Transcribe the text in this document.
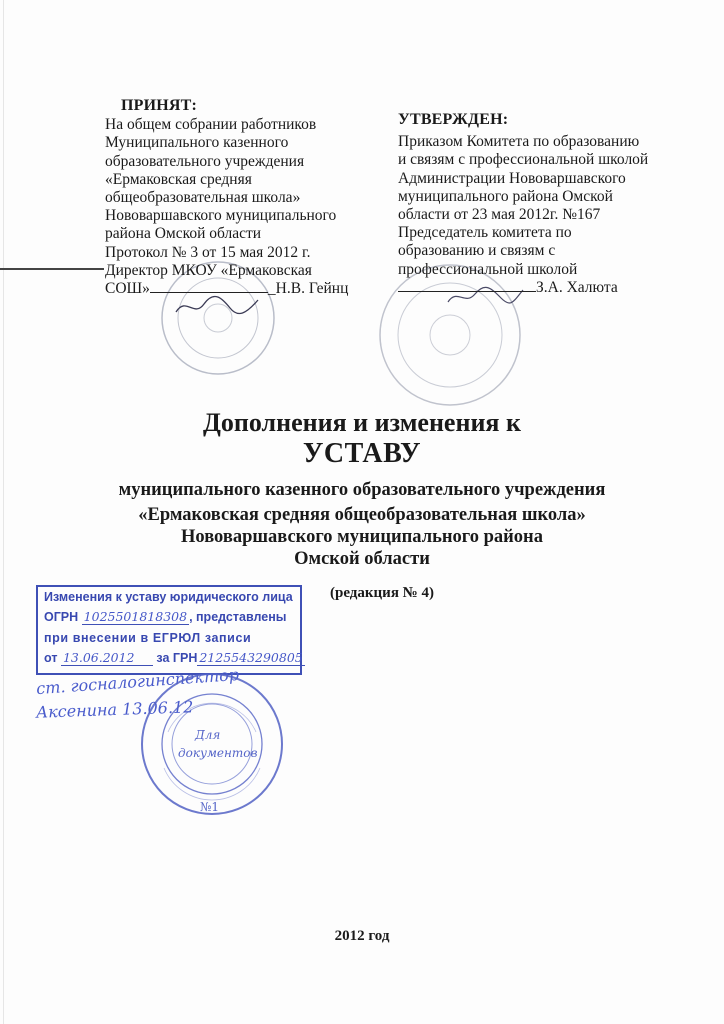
ПРИНЯТ:
На общем собрании работников
Муниципального казенного
образовательного учреждения
«Ермаковская средняя
общеобразовательная школа»
Нововаршавского муниципального
района Омской области
Протокол № 3 от 15 мая 2012 г.
Директор МКОУ «Ермаковская
СОШ»	_Н.В. Гейнц
УТВЕРЖДЕН:
Приказом Комитета по образованию
и связям с профессиональной школой
Администрации Нововаршавского
муниципального района Омской
области от 23 мая 2012г. №167
Председатель комитета по
образованию и связям с
профессиональной школой
З.А. Халюта
Дополнения и изменения к
УСТАВУ
муниципального казенного образовательного учреждения
«Ермаковская средняя общеобразовательная школа»
Нововаршавского муниципального района
Омской области
(редакция № 4)
Изменения к уставу юридического лица
ОГРН 1025501818308 , представлены
при внесении в ЕГРЮЛ записи
от 13.06.2012 за ГРН 2125543290805
ст. госналогинспектор
Аксенина 13.06.12
Для
документов
№1
2012 год
